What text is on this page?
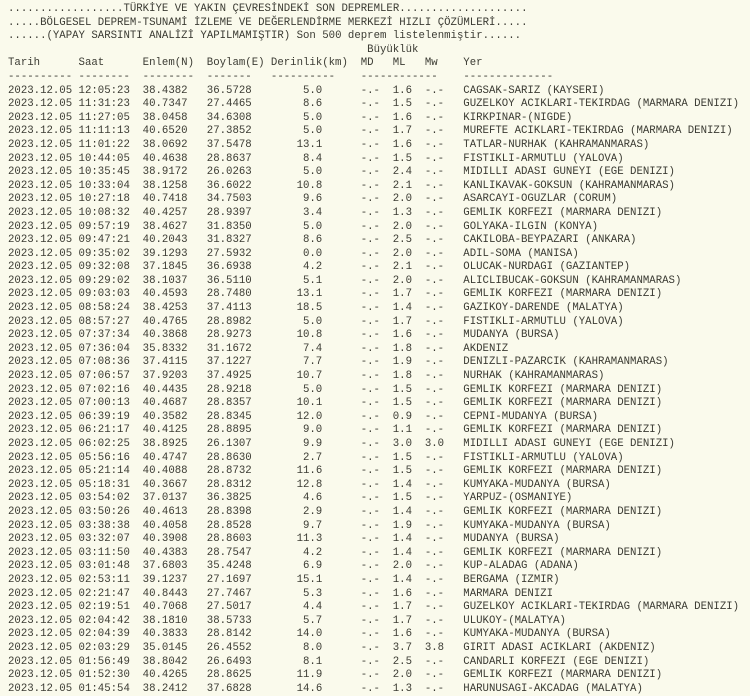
..................TÜRKİYE VE YAKIN ÇEVRESİNDEKİ SON DEPREMLER....................
.....BÖLGESEL DEPREM-TSUNAMİ İZLEME VE DEĞERLENDİRME MERKEZİ HIZLI ÇÖZÜMLERİ.....
......(YAPAY SARSINTI ANALİZİ YAPILMAMIŞTIR) Son 500 deprem listelenmiştir......
Büyüklük
Tarih	Saat	Enlem(N) Boylam(E) Derinlik(km) MD ML Mw Yer
---------- -------- -------- ------- ---------- ------------ --------------
2023.12.05 12:05:23 38.4382 36.5728	5.0	-.- 1.6 -.- CAGSAK-SARIZ (KAYSERI)
2023.12.05 11:31:23 40.7347 27.4465	8.6	-.- 1.5 -.- GUZELKOY ACIKLARI-TEKIRDAG (MARMARA DENIZI)
2023.12.05 11:27:05 38.0458 34.6308	5.0	-.- 1.6 -.- KIRKPINAR-(NIGDE)
2023.12.05 11:11:13 40.6520 27.3852	5.0	-.- 1.7 -.- MUREFTE ACIKLARI-TEKIRDAG (MARMARA DENIZI)
2023.12.05 11:01:22 38.0692 37.5478	13.1	-.- 1.6 -.- TATLAR-NURHAK (KAHRAMANMARAS)
2023.12.05 10:44:05 40.4638 28.8637	8.4	-.- 1.5 -.- FISTIKLI-ARMUTLU (YALOVA)
2023.12.05 10:35:45 38.9172 26.0263	5.0	-.- 2.4 -.- MIDILLI ADASI GUNEYI (EGE DENIZI)
2023.12.05 10:33:04 38.1258 36.6022	10.8	-.- 2.1 -.- KANLIKAVAK-GOKSUN (KAHRAMANMARAS)
2023.12.05 10:27:18 40.7418 34.7503	9.6	-.- 2.0 -.- ASARCAYI-OGUZLAR (CORUM)
2023.12.05 10:08:32 40.4257 28.9397	3.4	-.- 1.3 -.- GEMLIK KORFEZI (MARMARA DENIZI)
2023.12.05 09:57:19 38.4627 31.8350	5.0	-.- 2.0 -.- GOLYAKA-ILGIN (KONYA)
2023.12.05 09:47:21 40.2043 31.8327	8.6	-.- 2.5 -.- CAKILOBA-BEYPAZARI (ANKARA)
2023.12.05 09:35:02 39.1293 27.5932	0.0	-.- 2.0 -.- ADIL-SOMA (MANISA)
2023.12.05 09:32:08 37.1845 36.6938	4.2	-.- 2.1 -.- OLUCAK-NURDAGI (GAZIANTEP)
2023.12.05 09:29:02 38.1037 36.5110	5.1	-.- 2.0 -.- ALICLIBUCAK-GOKSUN (KAHRAMANMARAS)
2023.12.05 09:03:03 40.4593 28.7480	13.1	-.- 1.7 -.- GEMLIK KORFEZI (MARMARA DENIZI)
2023.12.05 08:58:24 38.4253 37.4113	18.5	-.- 1.4 -.- GAZIKOY-DARENDE (MALATYA)
2023.12.05 08:57:27 40.4765 28.8982	5.0	-.- 1.7 -.- FISTIKLI-ARMUTLU (YALOVA)
2023.12.05 07:37:34 40.3868 28.9273	10.8	-.- 1.6 -.- MUDANYA (BURSA)
2023.12.05 07:36:04 35.8332 31.1672	7.4	-.- 1.8 -.- AKDENIZ
2023.12.05 07:08:36 37.4115 37.1227	7.7	-.- 1.9 -.- DENIZLI-PAZARCIK (KAHRAMANMARAS)
2023.12.05 07:06:57 37.9203 37.4925	10.7	-.- 1.8 -.- NURHAK (KAHRAMANMARAS)
2023.12.05 07:02:16 40.4435 28.9218	5.0	-.- 1.5 -.- GEMLIK KORFEZI (MARMARA DENIZI)
2023.12.05 07:00:13 40.4687 28.8357	10.1	-.- 1.5 -.- GEMLIK KORFEZI (MARMARA DENIZI)
2023.12.05 06:39:19 40.3582 28.8345	12.0	-.- 0.9 -.- CEPNI-MUDANYA (BURSA)
2023.12.05 06:21:17 40.4125 28.8895	9.0	-.- 1.1 -.- GEMLIK KORFEZI (MARMARA DENIZI)
2023.12.05 06:02:25 38.8925 26.1307	9.9	-.- 3.0 3.0 MIDILLI ADASI GUNEYI (EGE DENIZI)
2023.12.05 05:56:16 40.4747 28.8630	2.7	-.- 1.5 -.- FISTIKLI-ARMUTLU (YALOVA)
2023.12.05 05:21:14 40.4088 28.8732	11.6	-.- 1.5 -.- GEMLIK KORFEZI (MARMARA DENIZI)
2023.12.05 05:18:31 40.3667 28.8312	12.8	-.- 1.4 -.- KUMYAKA-MUDANYA (BURSA)
2023.12.05 03:54:02 37.0137 36.3825	4.6	-.- 1.5 -.- YARPUZ-(OSMANIYE)
2023.12.05 03:50:26 40.4613 28.8398	2.9	-.- 1.4 -.- GEMLIK KORFEZI (MARMARA DENIZI)
2023.12.05 03:38:38 40.4058 28.8528	9.7	-.- 1.9 -.- KUMYAKA-MUDANYA (BURSA)
2023.12.05 03:32:07 40.3908 28.8603	11.3	-.- 1.4 -.- MUDANYA (BURSA)
2023.12.05 03:11:50 40.4383 28.7547	4.2	-.- 1.4 -.- GEMLIK KORFEZI (MARMARA DENIZI)
2023.12.05 03:01:48 37.6803 35.4248	6.9	-.- 2.0 -.- KUP-ALADAG (ADANA)
2023.12.05 02:53:11 39.1237 27.1697	15.1	-.- 1.4 -.- BERGAMA (IZMIR)
2023.12.05 02:21:47 40.8443 27.7467	5.3	-.- 1.6 -.- MARMARA DENIZI
2023.12.05 02:19:51 40.7068 27.5017	4.4	-.- 1.7 -.- GUZELKOY ACIKLARI-TEKIRDAG (MARMARA DENIZI)
2023.12.05 02:04:42 38.1810 38.5733	5.7	-.- 1.7 -.- ULUKOY-(MALATYA)
2023.12.05 02:04:39 40.3833 28.8142	14.0	-.- 1.6 -.- KUMYAKA-MUDANYA (BURSA)
2023.12.05 02:03:29 35.0145 26.4552	8.0	-.- 3.7 3.8 GIRIT ADASI ACIKLARI (AKDENIZ)
2023.12.05 01:56:49 38.8042 26.6493	8.1	-.- 2.5 -.- CANDARLI KORFEZI (EGE DENIZI)
2023.12.05 01:52:30 40.4265 28.8625	11.9	-.- 2.0 -.- GEMLIK KORFEZI (MARMARA DENIZI)
2023.12.05 01:45:54 38.2412 37.6828	14.6	-.- 1.3 -.- HARUNUSAGI-AKCADAG (MALATYA)
